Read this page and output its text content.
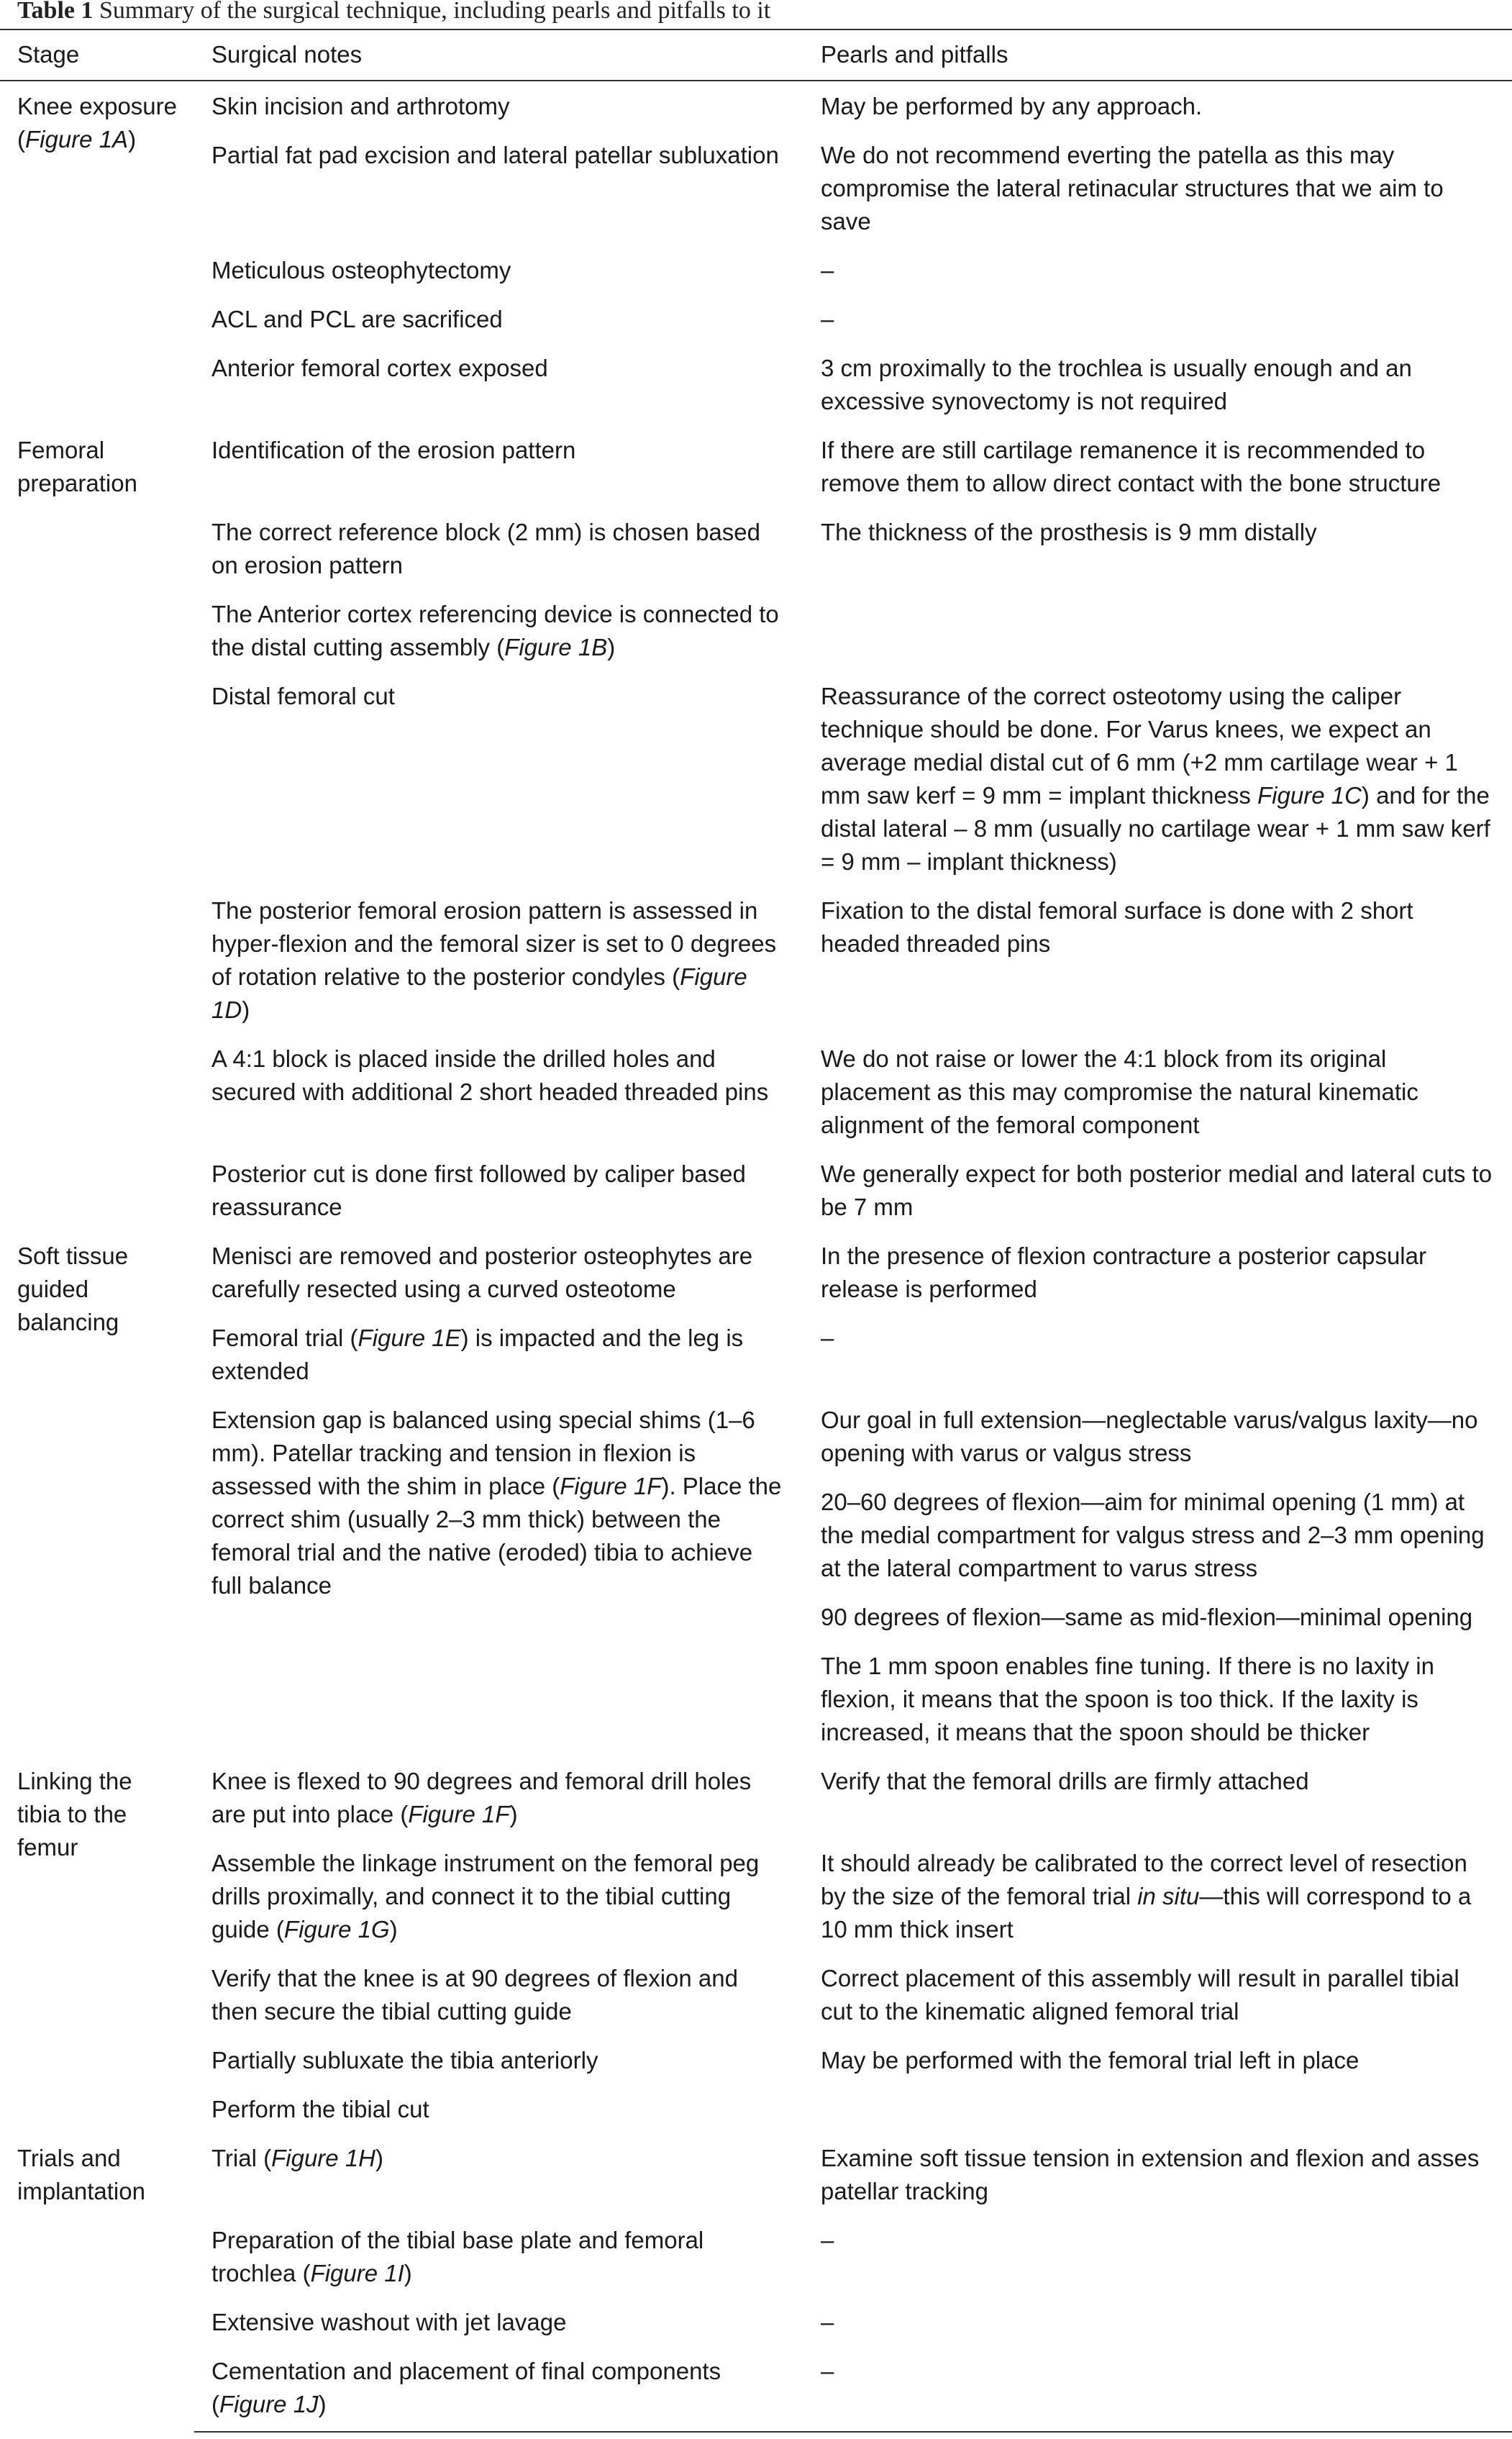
Table 1 Summary of the surgical technique, including pearls and pitfalls to it
Stage	Surgical notes	Pearls and pitfalls
Knee exposure (Figure 1A)	Skin incision and arthrotomy	May be performed by any approach.
	Partial fat pad excision and lateral patellar subluxation	We do not recommend everting the patella as this may compromise the lateral retinacular structures that we aim to save
	Meticulous osteophytectomy	–
	ACL and PCL are sacrificed	–
	Anterior femoral cortex exposed	3 cm proximally to the trochlea is usually enough and an excessive synovectomy is not required
Femoral preparation	Identification of the erosion pattern	If there are still cartilage remanence it is recommended to remove them to allow direct contact with the bone structure
	The correct reference block (2 mm) is chosen based on erosion pattern	The thickness of the prosthesis is 9 mm distally
	The Anterior cortex referencing device is connected to the distal cutting assembly (Figure 1B)	
	Distal femoral cut	Reassurance of the correct osteotomy using the caliper technique should be done. For Varus knees, we expect an average medial distal cut of 6 mm (+2 mm cartilage wear + 1 mm saw kerf = 9 mm = implant thickness Figure 1C) and for the distal lateral – 8 mm (usually no cartilage wear + 1 mm saw kerf = 9 mm – implant thickness)
	The posterior femoral erosion pattern is assessed in hyper-flexion and the femoral sizer is set to 0 degrees of rotation relative to the posterior condyles (Figure 1D)	Fixation to the distal femoral surface is done with 2 short headed threaded pins
	A 4:1 block is placed inside the drilled holes and secured with additional 2 short headed threaded pins	We do not raise or lower the 4:1 block from its original placement as this may compromise the natural kinematic alignment of the femoral component
	Posterior cut is done first followed by caliper based reassurance	We generally expect for both posterior medial and lateral cuts to be 7 mm
Soft tissue guided balancing	Menisci are removed and posterior osteophytes are carefully resected using a curved osteotome	In the presence of flexion contracture a posterior capsular release is performed
	Femoral trial (Figure 1E) is impacted and the leg is extended	–
	Extension gap is balanced using special shims (1–6 mm). Patellar tracking and tension in flexion is assessed with the shim in place (Figure 1F). Place the correct shim (usually 2–3 mm thick) between the femoral trial and the native (eroded) tibia to achieve full balance	Our goal in full extension—neglectable varus/valgus laxity—no opening with varus or valgus stress
		20–60 degrees of flexion—aim for minimal opening (1 mm) at the medial compartment for valgus stress and 2–3 mm opening at the lateral compartment to varus stress
		90 degrees of flexion—same as mid-flexion—minimal opening
		The 1 mm spoon enables fine tuning. If there is no laxity in flexion, it means that the spoon is too thick. If the laxity is increased, it means that the spoon should be thicker
Linking the tibia to the femur	Knee is flexed to 90 degrees and femoral drill holes are put into place (Figure 1F)	Verify that the femoral drills are firmly attached
	Assemble the linkage instrument on the femoral peg drills proximally, and connect it to the tibial cutting guide (Figure 1G)	It should already be calibrated to the correct level of resection by the size of the femoral trial in situ—this will correspond to a 10 mm thick insert
	Verify that the knee is at 90 degrees of flexion and then secure the tibial cutting guide	Correct placement of this assembly will result in parallel tibial cut to the kinematic aligned femoral trial
	Partially subluxate the tibia anteriorly	May be performed with the femoral trial left in place
	Perform the tibial cut	
Trials and implantation	Trial (Figure 1H)	Examine soft tissue tension in extension and flexion and asses patellar tracking
	Preparation of the tibial base plate and femoral trochlea (Figure 1I)	–
	Extensive washout with jet lavage	–
	Cementation and placement of final components (Figure 1J)	–
